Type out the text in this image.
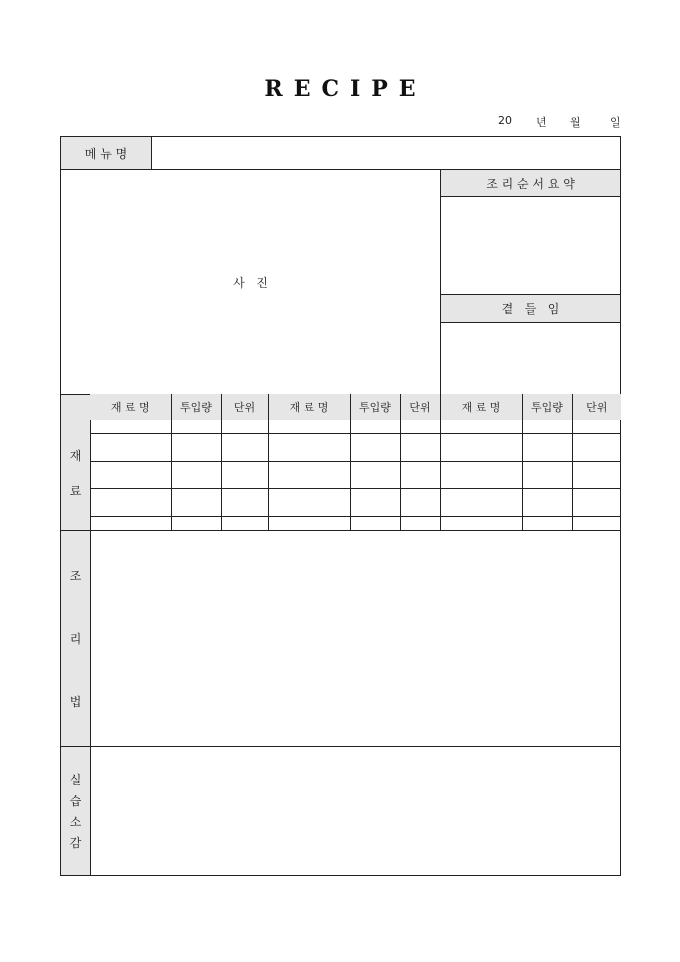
RECIPE
20 년 월	일
메 뉴 명
사   진
조 리 순 서 요 약
곁   들   임
재
료
재 료 명	투입량	단위	재 료 명	투입량	단위	재 료 명	투입량	단위

조
리
법
실
습
소
감
